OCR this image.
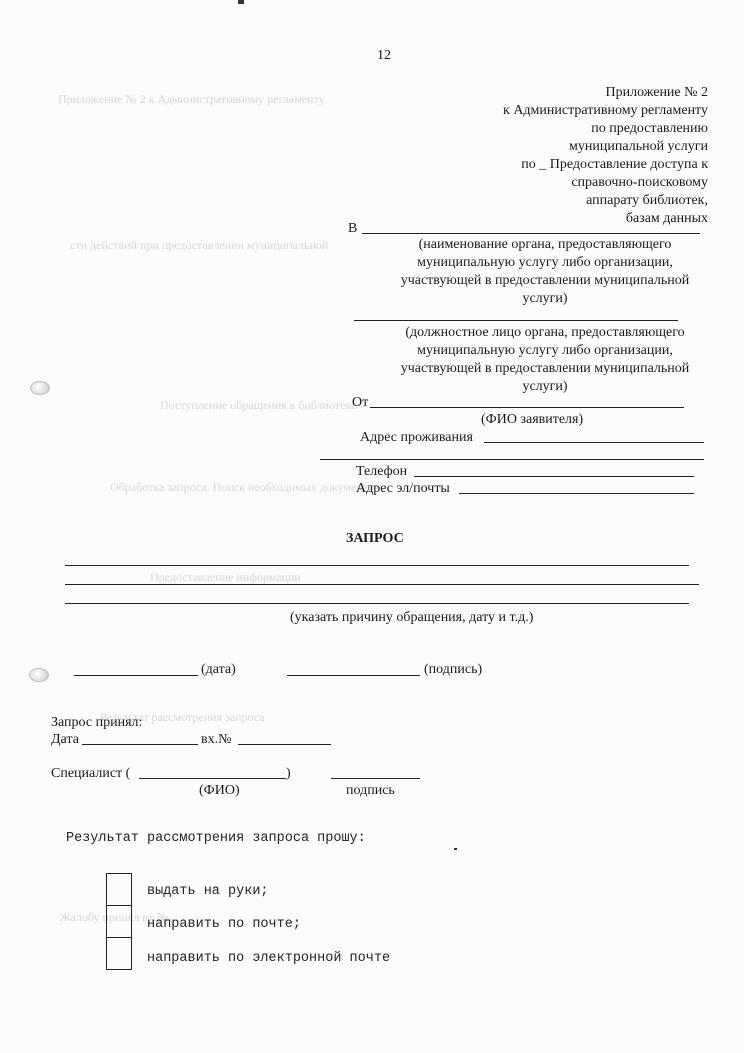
Приложение № 2 к Административному регламенту
сти действий при предоставлении муниципальной
Поступление обращения в библиотеке
Обработка запроса. Поиск необходимых документов
Предоставление информации
Результат рассмотрения запроса
Жалобу принял вх.№
12
Приложение № 2
к Административному регламенту
по предоставлению
муниципальной услуги
по _ Предоставление доступа к
справочно-поисковому
аппарату библиотек,
базам данных
В
(наименование органа, предоставляющего
муниципальную услугу либо организации,
участвующей в предоставлении муниципальной
услуги)
(должностное лицо органа, предоставляющего
муниципальную услугу либо организации,
участвующей в предоставлении муниципальной
услуги)
От
(ФИО заявителя)
Адрес проживания
Телефон
Адрес эл/почты
ЗАПРОС
(указать причину обращения, дату и т.д.)
(дата)	(подпись)
Запрос принял:
Дата	вх.№
Специалист (	)
(ФИО)	подпись
Результат рассмотрения запроса прошу:
выдать на руки;
направить по почте;
направить по электронной почте
